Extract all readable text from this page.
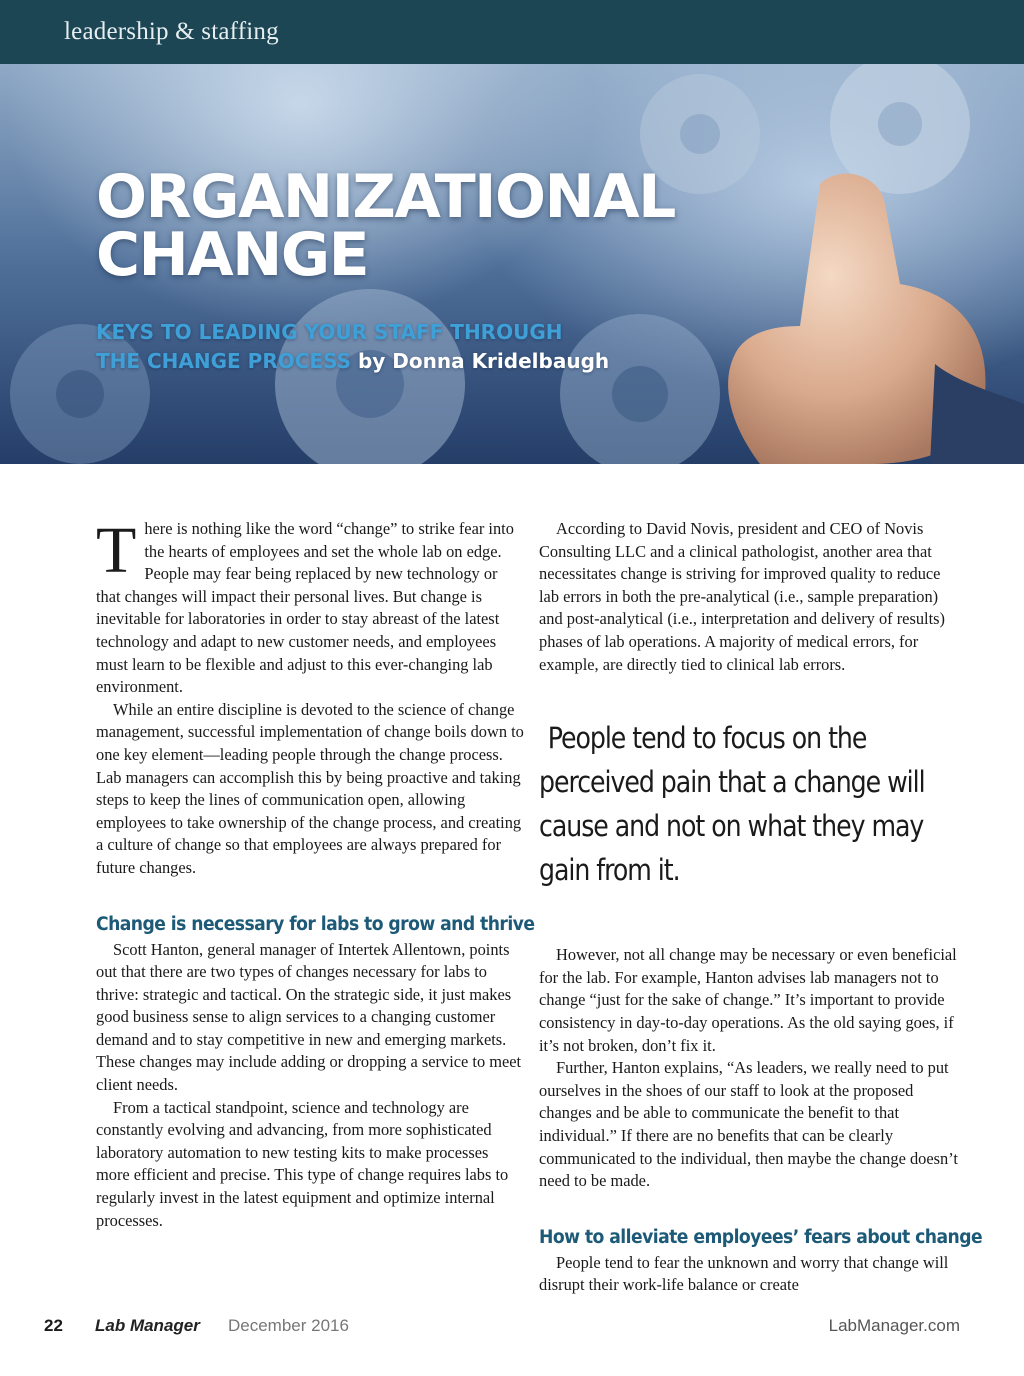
leadership & staffing
ORGANIZATIONAL
CHANGE
KEYS TO LEADING YOUR STAFF THROUGH
THE CHANGE PROCESS by Donna Kridelbaugh

There is nothing like the word “change” to strike fear into the hearts of employees and set the whole lab on edge. People may fear being replaced by new technology or that changes will impact their personal lives. But change is inevitable for laboratories in order to stay abreast of the latest technology and adapt to new customer needs, and employees must learn to be flexible and adjust to this ever-changing lab environment.

While an entire discipline is devoted to the science of change management, successful implementation of change boils down to one key element—leading people through the change process. Lab managers can accomplish this by being proactive and taking steps to keep the lines of communication open, allowing employees to take ownership of the change process, and creating a culture of change so that employees are always prepared for future changes.

Change is necessary for labs to grow and thrive

Scott Hanton, general manager of Intertek Allentown, points out that there are two types of changes necessary for labs to thrive: strategic and tactical. On the strategic side, it just makes good business sense to align services to a changing customer demand and to stay competitive in new and emerging markets. These changes may include adding or dropping a service to meet client needs.

From a tactical standpoint, science and technology are constantly evolving and advancing, from more sophisticated laboratory automation to new testing kits to make processes more efficient and precise. This type of change requires labs to regularly invest in the latest equipment and optimize internal processes.

According to David Novis, president and CEO of Novis Consulting LLC and a clinical pathologist, another area that necessitates change is striving for improved quality to reduce lab errors in both the pre-analytical (i.e., sample preparation) and post-analytical (i.e., interpretation and delivery of results) phases of lab operations. A majority of medical errors, for example, are directly tied to clinical lab errors.

People tend to focus on the perceived pain that a change will cause and not on what they may gain from it.

However, not all change may be necessary or even beneficial for the lab. For example, Hanton advises lab managers not to change “just for the sake of change.” It’s important to provide consistency in day-to-day operations. As the old saying goes, if it’s not broken, don’t fix it.

Further, Hanton explains, “As leaders, we really need to put ourselves in the shoes of our staff to look at the proposed changes and be able to communicate the benefit to that individual.” If there are no benefits that can be clearly communicated to the individual, then maybe the change doesn’t need to be made.

How to alleviate employees’ fears about change

People tend to fear the unknown and worry that change will disrupt their work-life balance or create

22 Lab Manager December 2016	LabManager.com
